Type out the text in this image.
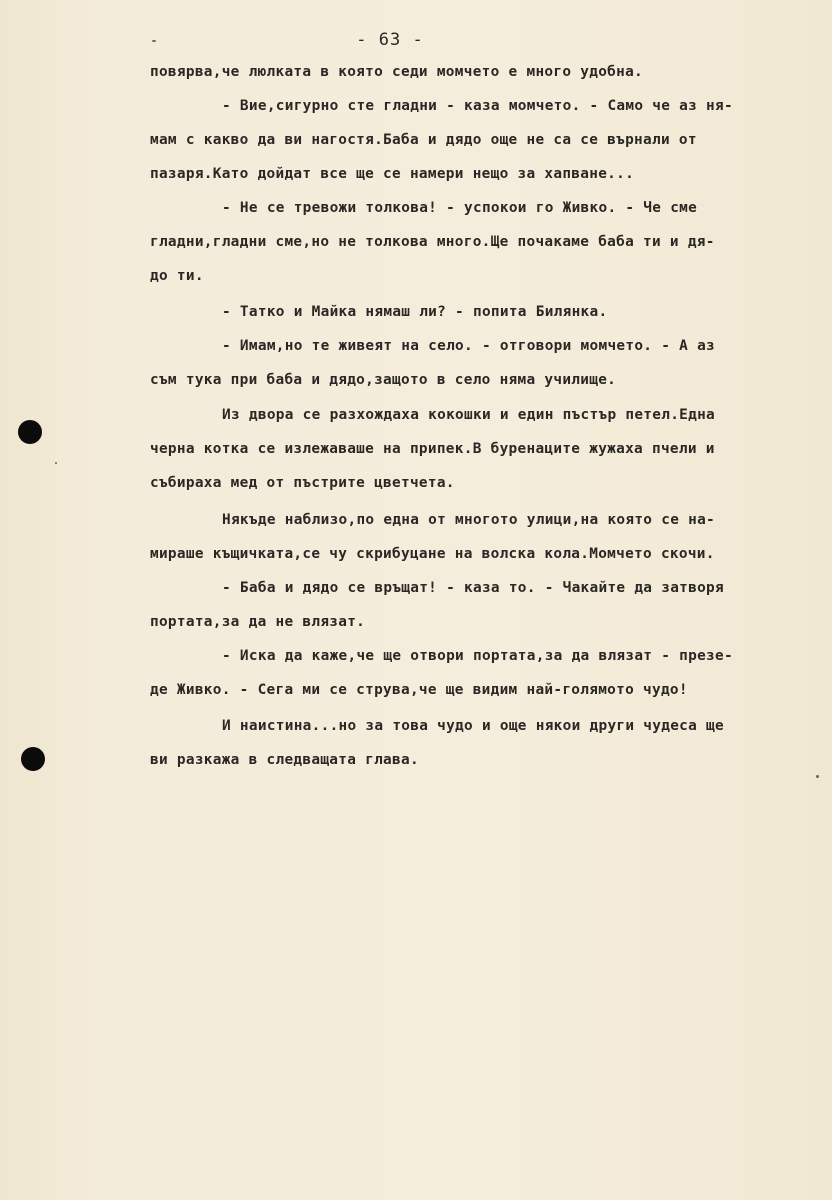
- 63 -
повярва,че люлката в която седи момчето е много удобна.
- Вие,сигурно сте гладни - каза момчето. - Само че аз ня-
мам с какво да ви нагостя.Баба и дядо още не са се върнали от
пазаря.Като дойдат все ще се намери нещо за хапване...
- Не се тревожи толкова! - успокои го Живко. - Че сме
гладни,гладни сме,но не толкова много.Ще почакаме баба ти и дя-
до ти.
- Татко и Майка нямаш ли? - попита Билянка.
- Имам,но те живеят на село. - отговори момчето. - А аз
съм тука при баба и дядо,защото в село няма училище.
Из двора се разхождаха кокошки и един пъстър петел.Една
черна котка се излежаваше на припек.В буренаците жужаха пчели и
събираха мед от пъстрите цветчета.
Някъде наблизо,по една от многото улици,на която се на-
мираше къщичката,се чу скрибуцане на волска кола.Момчето скочи.
- Баба и дядо се връщат! - каза то. - Чакайте да затворя
портата,за да не влязат.
- Иска да каже,че ще отвори портата,за да влязат - презе-
де Живко. - Сега ми се струва,че ще видим най-голямото чудо!
И наистина...но за това чудо и още някои други чудеса ще
ви разкажа в следващата глава.
